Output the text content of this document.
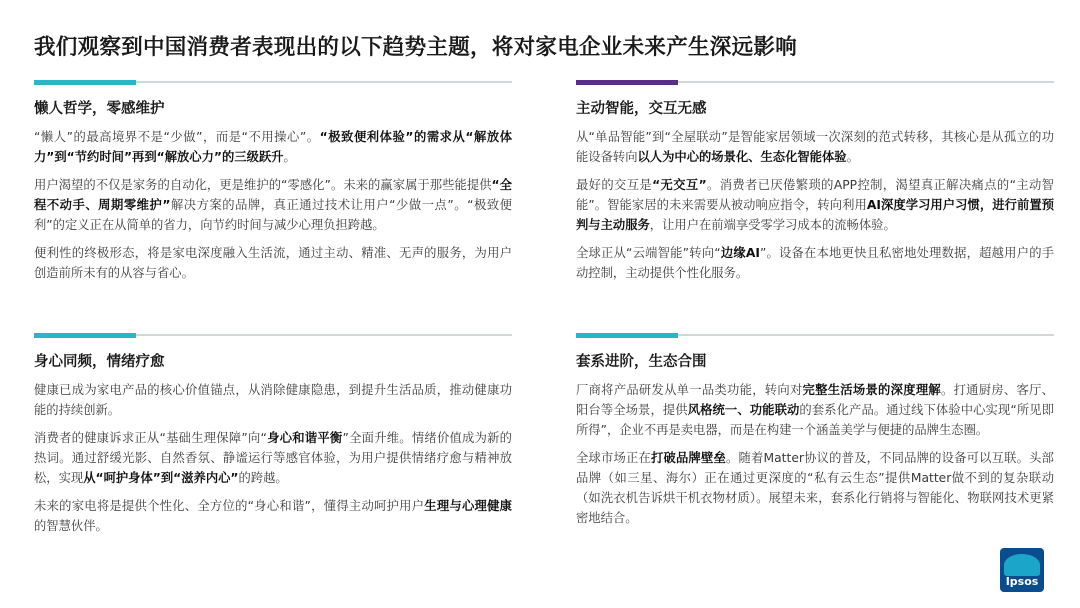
我们观察到中国消费者表现出的以下趋势主题，将对家电企业未来产生深远影响
懒人哲学，零感维护

“懒人”的最高境界不是“少做”，而是“不用操心”。“极致便利体验”的需求从“解放体力”到“节约时间”再到“解放心力”的三级跃升。

用户渴望的不仅是家务的自动化，更是维护的“零感化”。未来的赢家属于那些能提供“全程不动手、周期零维护”解决方案的品牌，真正通过技术让用户“少做一点”。“极致便利”的定义正在从简单的省力，向节约时间与减少心理负担跨越。

便利性的终极形态，将是家电深度融入生活流，通过主动、精准、无声的服务，为用户创造前所未有的从容与省心。

主动智能，交互无感

从“单品智能”到“全屋联动”是智能家居领域一次深刻的范式转移，其核心是从孤立的功能设备转向以人为中心的场景化、生态化智能体验。

最好的交互是“无交互”。消费者已厌倦繁琐的APP控制，渴望真正解决痛点的“主动智能”。智能家居的未来需要从被动响应指令，转向利用AI深度学习用户习惯，进行前置预判与主动服务，让用户在前端享受零学习成本的流畅体验。

全球正从“云端智能”转向“边缘AI”。设备在本地更快且私密地处理数据，超越用户的手动控制，主动提供个性化服务。

身心同频，情绪疗愈

健康已成为家电产品的核心价值锚点，从消除健康隐患，到提升生活品质，推动健康功能的持续创新。

消费者的健康诉求正从“基础生理保障”向“身心和谐平衡”全面升维。情绪价值成为新的热词。通过舒缓光影、自然香氛、静谧运行等感官体验，为用户提供情绪疗愈与精神放松，实现从“呵护身体”到“滋养内心”的跨越。

未来的家电将是提供个性化、全方位的“身心和谐”，懂得主动呵护用户生理与心理健康的智慧伙伴。

套系进阶，生态合围

厂商将产品研发从单一品类功能，转向对完整生活场景的深度理解。打通厨房、客厅、阳台等全场景，提供风格统一、功能联动的套系化产品。通过线下体验中心实现“所见即所得”，企业不再是卖电器，而是在构建一个涵盖美学与便捷的品牌生态圈。

全球市场正在打破品牌壁垒。随着Matter协议的普及，不同品牌的设备可以互联。头部品牌（如三星、海尔）正在通过更深度的“私有云生态”提供Matter做不到的复杂联动（如洗衣机告诉烘干机衣物材质）。展望未来，套系化行销将与智能化、物联网技术更紧密地结合。

Ipsos
